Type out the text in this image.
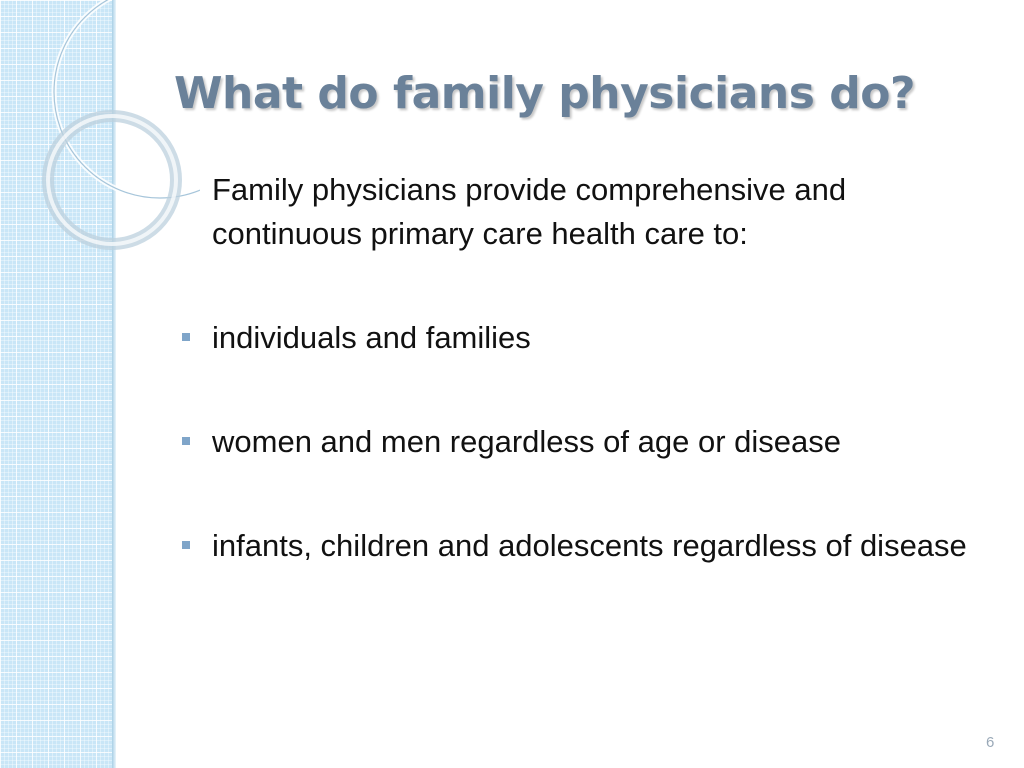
What do family physicians do?

Family physicians provide comprehensive and continuous primary care health care to:

individuals and families
women and men regardless of age or disease
infants, children and adolescents regardless of disease
6
